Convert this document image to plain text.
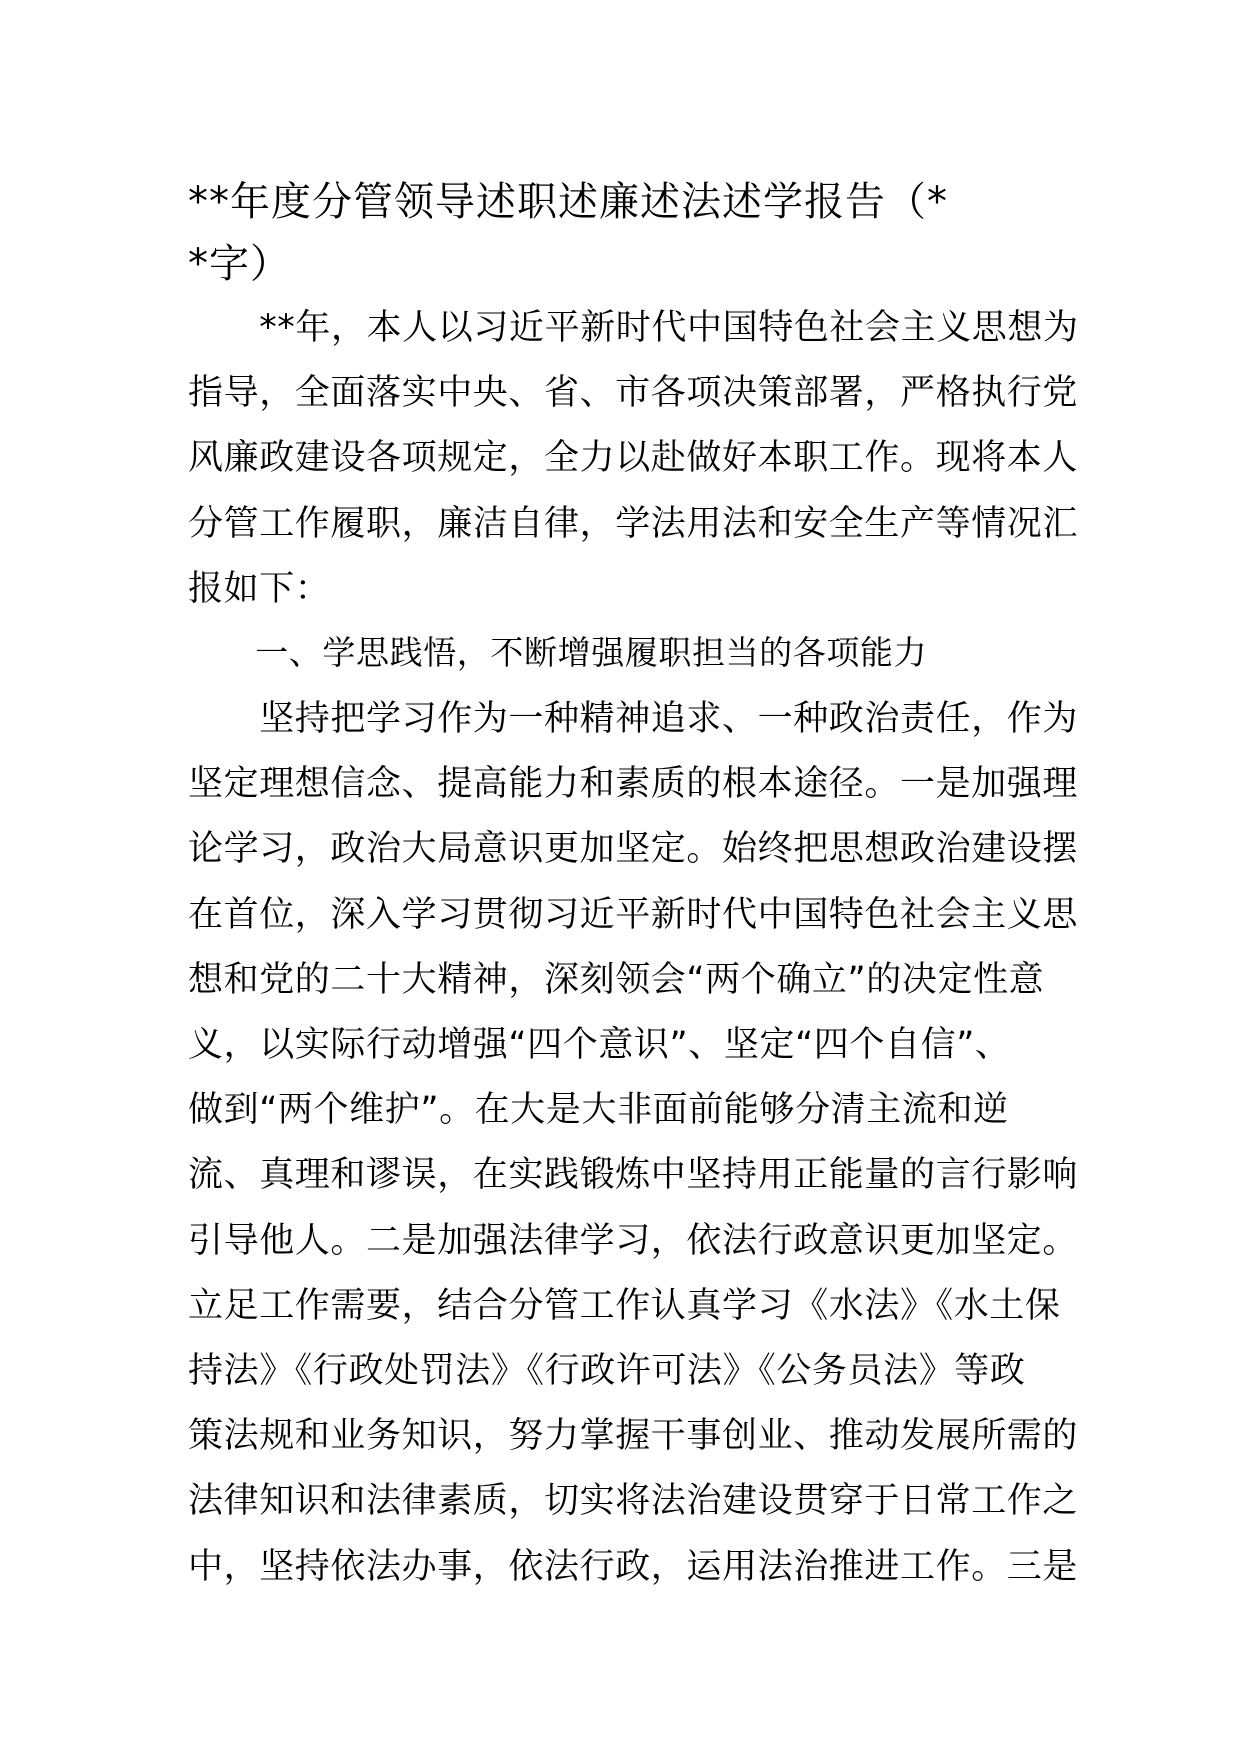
**年度分管领导述职述廉述法述学报告（*
*字）
　　**年，本人以习近平新时代中国特色社会主义思想为
指导，全面落实中央、省、市各项决策部署，严格执行党
风廉政建设各项规定，全力以赴做好本职工作。现将本人
分管工作履职，廉洁自律，学法用法和安全生产等情况汇
报如下：
　　一、学思践悟，不断增强履职担当的各项能力
　　坚持把学习作为一种精神追求、一种政治责任，作为
坚定理想信念、提高能力和素质的根本途径。一是加强理
论学习，政治大局意识更加坚定。始终把思想政治建设摆
在首位，深入学习贯彻习近平新时代中国特色社会主义思
想和党的二十大精神，深刻领会“两个确立”的决定性意
义，以实际行动增强“四个意识”、坚定“四个自信”、
做到“两个维护”。在大是大非面前能够分清主流和逆
流、真理和谬误，在实践锻炼中坚持用正能量的言行影响
引导他人。二是加强法律学习，依法行政意识更加坚定。
立足工作需要，结合分管工作认真学习《水法》《水土保
持法》《行政处罚法》《行政许可法》《公务员法》等政
策法规和业务知识，努力掌握干事创业、推动发展所需的
法律知识和法律素质，切实将法治建设贯穿于日常工作之
中，坚持依法办事，依法行政，运用法治推进工作。三是
